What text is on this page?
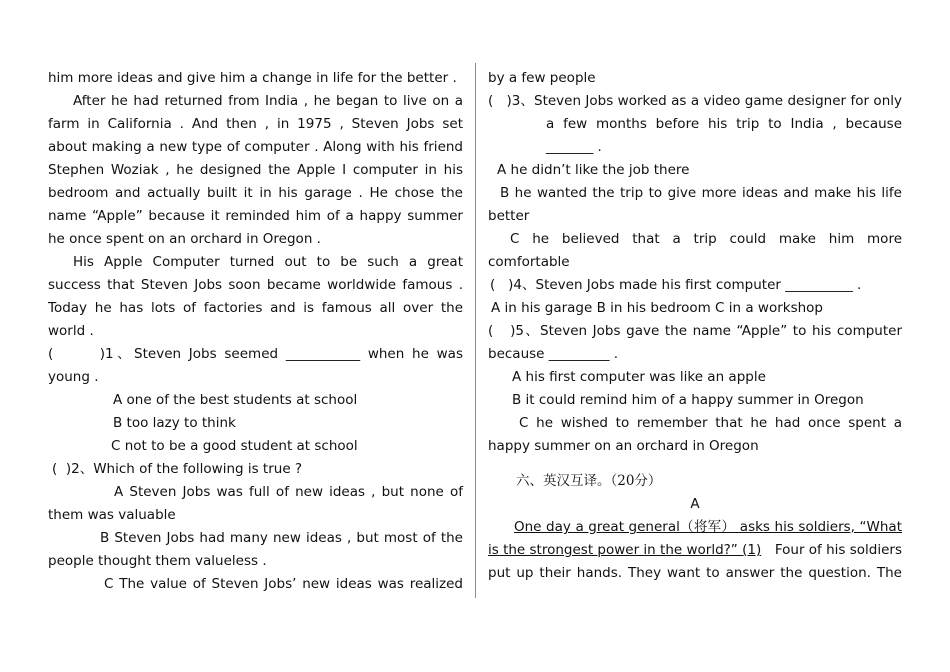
him more ideas and give him a change in life for the better .
After he had returned from India , he began to live on a
farm in California . And then , in 1975 , Steven Jobs set
about making a new type of computer . Along with his friend
Stephen Woziak , he designed the Apple I computer in his
bedroom and actually built it in his garage . He chose the
name “Apple” because it reminded him of a happy summer
he once spent on an orchard in Oregon .
His Apple Computer turned out to be such a great
success that Steven Jobs soon became worldwide famous .
Today he has lots of factories and is famous all over the
world .
(      )1、Steven Jobs seemed ___________ when he was
young .
A one of the best students at school
B too lazy to think
C not to be a good student at school
(  )2、Which of the following is true ?
A Steven Jobs was full of new ideas , but none of
them was valuable
B Steven Jobs had many new ideas , but most of the
people thought them valueless .
C The value of Steven Jobs’ new ideas was realized
by a few people
(   )3、Steven Jobs worked as a video game designer for only
a few months before his trip to India , because
_______ .
A he didn’t like the job there
B he wanted the trip to give more ideas and make his life
better
C he believed that a trip could make him more
comfortable
(   )4、Steven Jobs made his first computer __________ .
A in his garage B in his bedroom C in a workshop
(   )5、Steven Jobs gave the name “Apple” to his computer
because _________ .
A his first computer was like an apple
B it could remind him of a happy summer in Oregon
C he wished to remember that he had once spent a
happy summer on an orchard in Oregon
六、英汉互译。（20分）
A
One day a great general（将军） asks his soldiers, “What
is the strongest power in the world?” (1) Four of his soldiers
put up their hands. They want to answer the question. The
